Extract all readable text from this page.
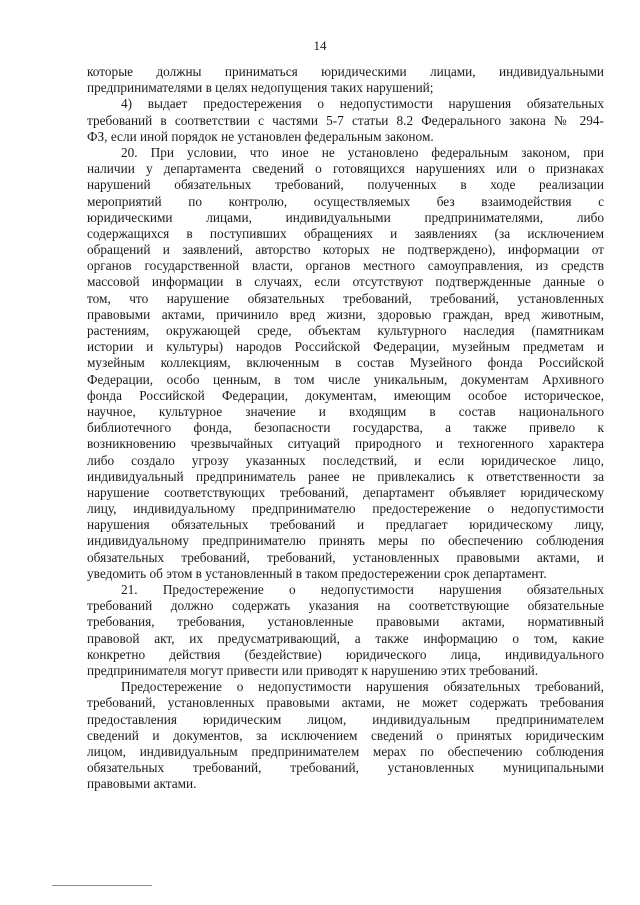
14
которые должны приниматься юридическими лицами, индивидуальными
предпринимателями в целях недопущения таких нарушений;
4) выдает предостережения о недопустимости нарушения обязательных
требований в соответствии с частями 5-7 статьи 8.2 Федерального закона № 294-
ФЗ, если иной порядок не установлен федеральным законом.
20. При условии, что иное не установлено федеральным законом, при
наличии у департамента сведений о готовящихся нарушениях или о признаках
нарушений обязательных требований, полученных в ходе реализации
мероприятий по контролю, осуществляемых без взаимодействия с
юридическими лицами, индивидуальными предпринимателями, либо
содержащихся в поступивших обращениях и заявлениях (за исключением
обращений и заявлений, авторство которых не подтверждено), информации от
органов государственной власти, органов местного самоуправления, из средств
массовой информации в случаях, если отсутствуют подтвержденные данные о
том, что нарушение обязательных требований, требований, установленных
правовыми актами, причинило вред жизни, здоровью граждан, вред животным,
растениям, окружающей среде, объектам культурного наследия (памятникам
истории и культуры) народов Российской Федерации, музейным предметам и
музейным коллекциям, включенным в состав Музейного фонда Российской
Федерации, особо ценным, в том числе уникальным, документам Архивного
фонда Российской Федерации, документам, имеющим особое историческое,
научное, культурное значение и входящим в состав национального
библиотечного фонда, безопасности государства, а также привело к
возникновению чрезвычайных ситуаций природного и техногенного характера
либо создало угрозу указанных последствий, и если юридическое лицо,
индивидуальный предприниматель ранее не привлекались к ответственности за
нарушение соответствующих требований, департамент объявляет юридическому
лицу, индивидуальному предпринимателю предостережение о недопустимости
нарушения обязательных требований и предлагает юридическому лицу,
индивидуальному предпринимателю принять меры по обеспечению соблюдения
обязательных требований, требований, установленных правовыми актами, и
уведомить об этом в установленный в таком предостережении срок департамент.
21. Предостережение о недопустимости нарушения обязательных
требований должно содержать указания на соответствующие обязательные
требования, требования, установленные правовыми актами, нормативный
правовой акт, их предусматривающий, а также информацию о том, какие
конкретно действия (бездействие) юридического лица, индивидуального
предпринимателя могут привести или приводят к нарушению этих требований.
Предостережение о недопустимости нарушения обязательных требований,
требований, установленных правовыми актами, не может содержать требования
предоставления юридическим лицом, индивидуальным предпринимателем
сведений и документов, за исключением сведений о принятых юридическим
лицом, индивидуальным предпринимателем мерах по обеспечению соблюдения
обязательных требований, требований, установленных муниципальными
правовыми актами.
